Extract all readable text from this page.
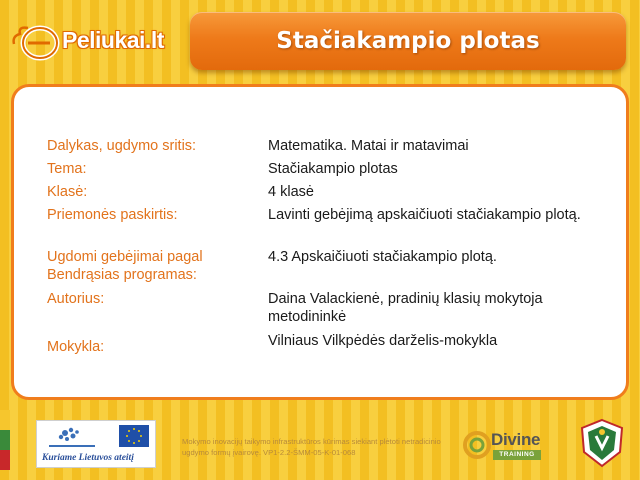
Peliukai.lt	Stačiakampio plotas
Dalykas, ugdymo sritis:	Matematika. Matai ir matavimai
Tema:	Stačiakampio plotas
Klasė:	4 klasė
Priemonės paskirtis:	Lavinti gebėjimą apskaičiuoti stačiakampio plotą.
Ugdomi gebėjimai pagal Bendrąsias programas:
4.3 Apskaičiuoti stačiakampio plotą.
Autorius:	Daina Valackienė, pradinių klasių mokytoja metodininkė
Mokykla:	Vilniaus Vilkpėdės darželis-mokykla
Kuriame Lietuvos ateitį
Mokymo inovacijų taikymo infrastruktūros kūrimas siekiant plėtoti netradicinio ugdymo formų įvairovę. VP1-2.2-ŠMM-05-K-01-068
Divine
TRAINING
